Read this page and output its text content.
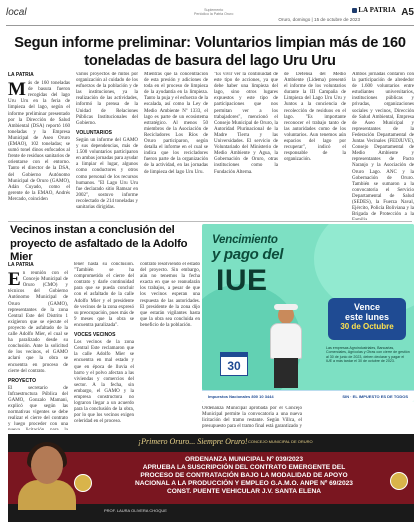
local	Suplemento
Periódico la Patria Oruro	LA PATRIA
Oruro, domingo | 15 de octubre de 2023
A5
Segun informe preliminar: Voluntarios limpian más de 160 toneladas de basura del lago Uru Uru
LA PATRIA
M ás de 160 toneladas de basura fueron recogidas del lago Uru Uru en la feria de limpieza del lago, según el informe preliminar presentado por la Dirección de Salud Ambiental (DSA) reportó 160 toneladas y la Empresa Municipal de Aseo Oruro (EMAO), 102 toneladas; se sumó tonel dinos enfocados al frente de residuos sanitarios de orientarse con el entorno. Tanto el director de la DSA, del Gobierno Autónomo Municipal de Oruro (GAMO), Adán Cuyado, como el gerente de la EMAO, Andrés Mercado, coinciden
varios proyectos de mitos por organización al cuidado de los esfuerzos de la población y de las instituciones, ya la realización de las actividades, informó la prensa de la Unidad de Relaciones Públicas Institucionales del Gobierno.
VOLUNTARIOS
Según un informe del GAMO y sus dependencias, más de 1.500 voluntarios participaron en ambas jornadas para ayudar a limpiar el lugar, algunos como conductores y otros como personal de los recursos humanos. "El Lago Uru Uru fue declarado sitio Ramsar en 2002", sostuvo informe recolectado de 214 toneladas y sanitarias dirigidas.
Mientras que la concentración de esta presión y adiciones de toda en el proceso de limpieza de la ayudantía en la limpieza. Tanto la puja y el esfuerzo de la escalada, así como la Ley de Medio Ambiente Nº 1333, el lago es parte de un ecosistema estratégico. Al menos 50 miembros de la Asociación de Recicladores Los Ríos de Oruro participaron, según detalla el informe en el cual se indica que los recicladores fueron parte de la organización de la actividad, en las jornadas de limpieza del lago Uru Uru.
"Es vivir ver la continuidad de este tipo de acciones, ya que debe haber una limpieza del lago, sino otros lugares expuestos y este tipo de participaciones que nos permitan ver a los trabajadores", mencionó el Consejo Municipal de Oruro, la Autoridad Plurinacional de la Madre Tierra y las Universidades. El servicio de Voluntariado del Ministerio de Medio Ambiente y Agua, la Gobernación de Oruro, otras instituciones como la Fundación Alterna.
de Defensa del Medio Ambiente (Lidema) presentó el informe de los voluntarios durante la III Campaña de Limpieza del Lago Uru Uru y Juntos a la conciencia de recolección de residuos en el lago. "Es importante reconocer el trabajo tanto de las autoridades como de los voluntarios. Aun tenemos aún espacios del lago por recuperar", indicó el responsable de la organización.
Ambos jornadas contaron con la participación de alrededor de 1.600 voluntarios entre estudiantes universitarios, instituciones públicas y privadas, organizaciones sociales y vecinos, Dirección de Salud Ambiental, Empresa de Aseo Municipal y representantes de la Federación Departamental de Juntas Vecinales (FEDJUVE), Consejo Departamental de Medio Ambiente y representantes de Pacto Naranjo y la Asociación de Oruro Lago. ANC y la Gobernación de Oruro. También se sumaron a la convocatoria el Servicio Departamental de Salud (SEDES), la Fuerza Naval, Ejército, Policía Boliviana y la Brigada de Protección a la
Vecinos instan a conclusión del proyecto de asfaltado de la Adolfo Mier
LA PATRIA
E n reunión con el Concejo Municipal de Oruro (CMO) y técnicos del Gobierno Autónomo Municipal de Oruro (GAMO), representantes de la zona Central Este del Distrito 1 exigieron que se ejecute el proyecto de asfaltado de la calle Adolfo Mier, el cual se ha paralizado desde su conclusión. Ante la solicitud de los vecinos, el GAMO aclaró que la obra se encuentra en proceso de cierre del contrato.
PROYECTO
El secretario de Infraestructura Pública del GAMO, Gonzalo Mamani, explicó que según las normativas vigentes se debe realizar el cierre del contrato y luego proceder con una
tener hasta su conclusión. "También se ha comprometido el cierre del contrato y darle continuidad para que se pueda concluir con el asfaltado de la calle Adolfo Mier y el presidente de vecinos de la zona expresó su preocupación, pues más de 9 meses que la obra se encuentra paralizada".
VOCES VECINOS
Los vecinos de la zona Central Este reclamaron que la calle Adolfo Mier se encuentra en mal estado y que en época de lluvia el barro y el polvo afectan a las viviendas y comercios del sector. A la fecha, sin embargo, el GAMO y la empresa constructora no lograron llegar a un acuerdo para la conclusión de la obra, por lo que los vecinos exigen celeridad en el proceso.
contrato resolviendo el estado del proyecto. Sin embargo, aún no tenemos la fecha exacta en que se reanudarán los trabajos, a pesar de que los vecinos esperan una respuesta de las autoridades. El presidente de la zona dijo que estarán vigilantes hasta que la obra sea concluida en beneficio de la población.
Vencimiento
y pago del
IUE
30
Vence
este lunes
30 de Octubre
Las empresas Agroindustriales, Bancarias, Comerciales, Agrícolas y Otras con cierre de gestión al 30 de junio de 2023, deben declarar y pagar el IUE a más tardar el 30 de octubre de 2023.
Impuestos Nacionales 800 10 3444	SIN · EL IMPUESTO ES DE TODOS
Ordenanza Municipal aprobada por el Concejo Municipal permite la convocatoria a una nueva licitación del tramo restante. Según Villca, el presupuesto para el tramo final está garantizado y
¡Primero Oruro... Siempre Oruro! CONCEJO MUNICIPAL DE ORURO
ORDENANZA MUNICIPAL Nº 039/2023
APRUEBA LA SUSCRIPCIÓN DEL CONTRATO EMERGENTE DEL
PROCESO DE CONTRATACIÓN BAJO LA MODALIDAD DE APOYO
NACIONAL A LA PRODUCCIÓN Y EMPLEO G.A.M.O. ANPE Nº 69/2023
CONST. PUENTE VEHICULAR J.V. SANTA ELENA
PROF. LAURA OLIVERA CHOQUE
